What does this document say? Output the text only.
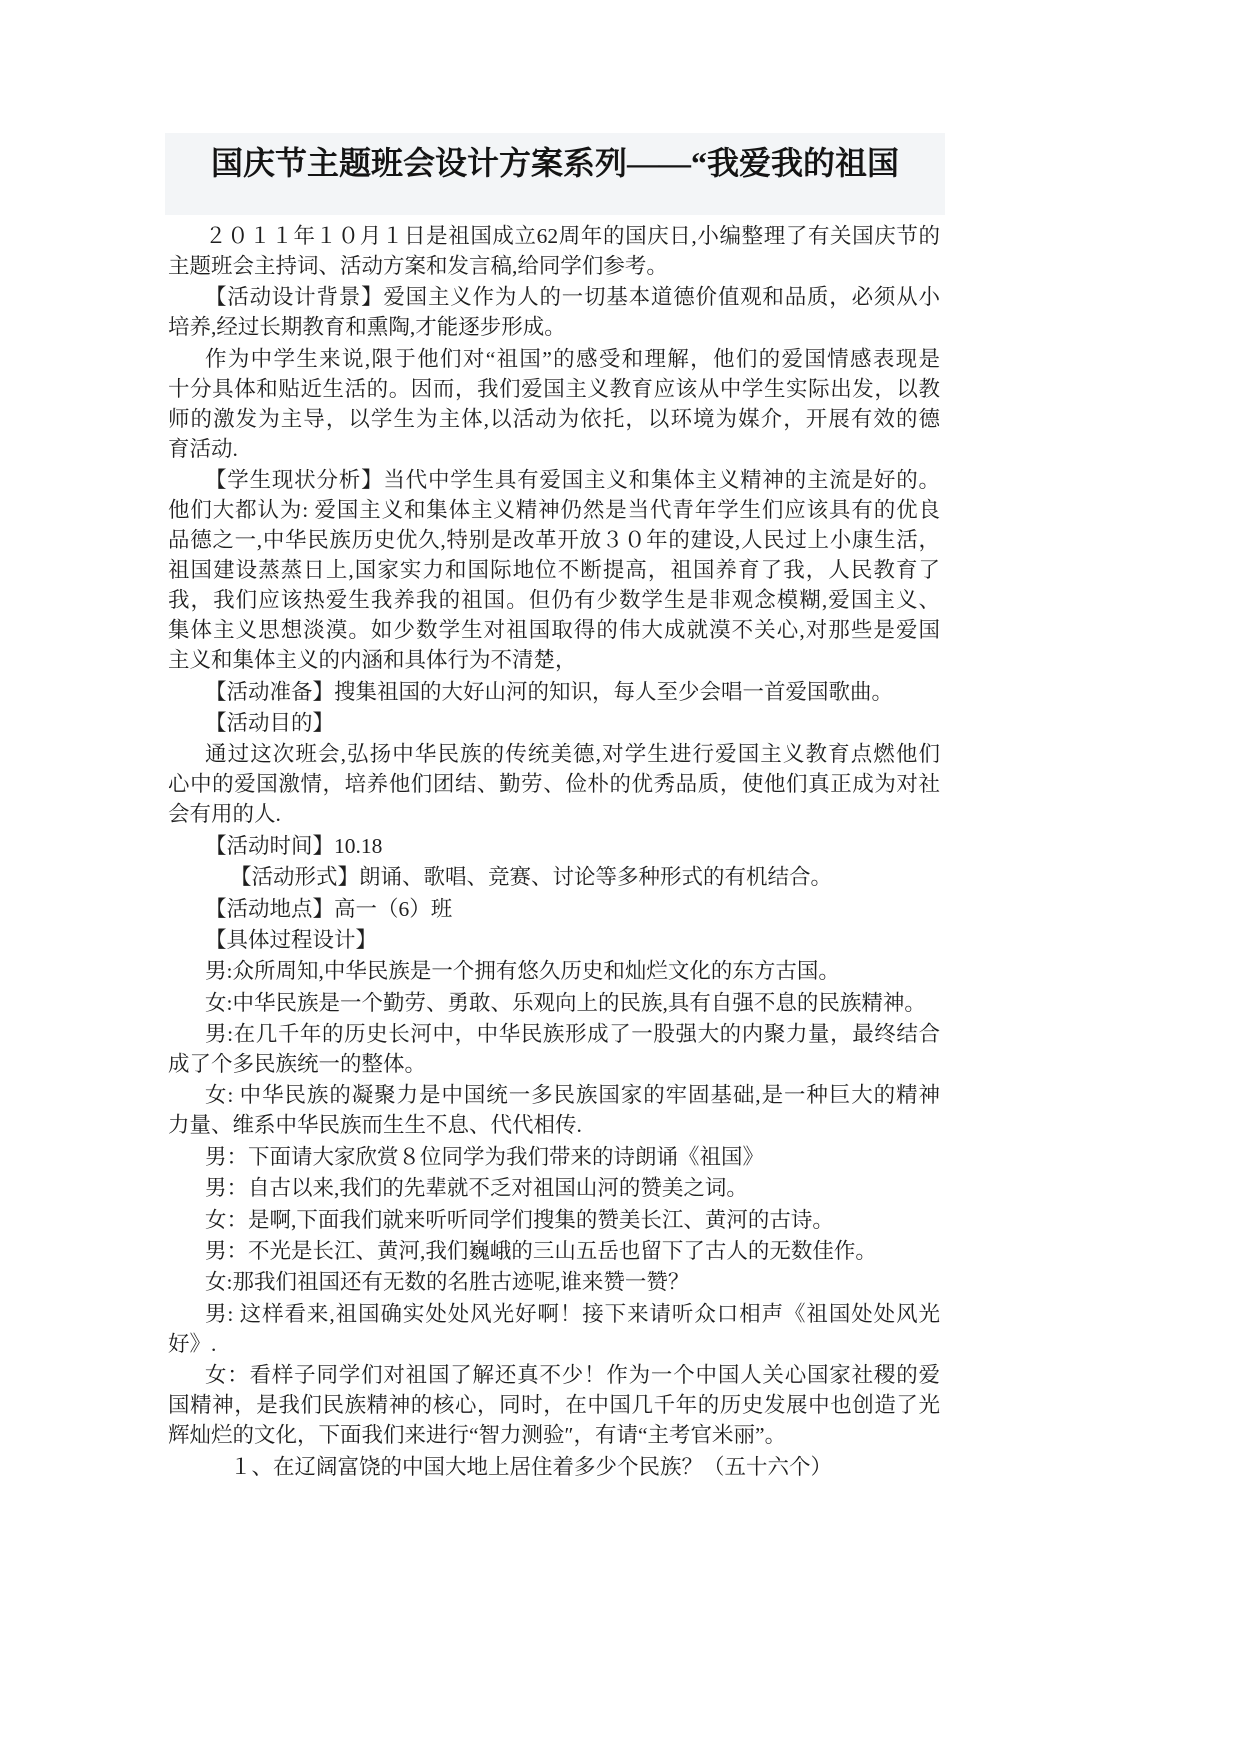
国庆节主题班会设计方案系列——“我爱我的祖国
２０１１年１０月１日是祖国成立62周年的国庆日,小编整理了有关国庆节的
主题班会主持词、活动方案和发言稿,给同学们参考。
【活动设计背景】爱国主义作为人的一切基本道德价值观和品质，必须从小
培养,经过长期教育和熏陶,才能逐步形成。
作为中学生来说,限于他们对“祖国”的感受和理解，他们的爱国情感表现是
十分具体和贴近生活的。因而，我们爱国主义教育应该从中学生实际出发，以教
师的激发为主导，以学生为主体,以活动为依托，以环境为媒介，开展有效的德
育活动.
【学生现状分析】当代中学生具有爱国主义和集体主义精神的主流是好的。
他们大都认为: 爱国主义和集体主义精神仍然是当代青年学生们应该具有的优良
品德之一,中华民族历史优久,特别是改革开放３０年的建设,人民过上小康生活，
祖国建设蒸蒸日上,国家实力和国际地位不断提高，祖国养育了我，人民教育了
我，我们应该热爱生我养我的祖国。但仍有少数学生是非观念模糊,爱国主义、
集体主义思想淡漠。如少数学生对祖国取得的伟大成就漠不关心,对那些是爱国
主义和集体主义的内涵和具体行为不清楚，
【活动准备】搜集祖国的大好山河的知识，每人至少会唱一首爱国歌曲。
【活动目的】
通过这次班会,弘扬中华民族的传统美德,对学生进行爱国主义教育点燃他们
心中的爱国激情，培养他们团结、勤劳、俭朴的优秀品质，使他们真正成为对社
会有用的人.
【活动时间】10.18
【活动形式】朗诵、歌唱、竞赛、讨论等多种形式的有机结合。
【活动地点】高一（6）班
【具体过程设计】
男:众所周知,中华民族是一个拥有悠久历史和灿烂文化的东方古国。
女:中华民族是一个勤劳、勇敢、乐观向上的民族,具有自强不息的民族精神。
男:在几千年的历史长河中，中华民族形成了一股强大的内聚力量，最终结合
成了个多民族统一的整体。
女: 中华民族的凝聚力是中国统一多民族国家的牢固基础,是一种巨大的精神
力量、维系中华民族而生生不息、代代相传.
男：下面请大家欣赏８位同学为我们带来的诗朗诵《祖国》
男：自古以来,我们的先辈就不乏对祖国山河的赞美之词。
女：是啊,下面我们就来听听同学们搜集的赞美长江、黄河的古诗。
男：不光是长江、黄河,我们巍峨的三山五岳也留下了古人的无数佳作。
女:那我们祖国还有无数的名胜古迹呢,谁来赞一赞？
男: 这样看来,祖国确实处处风光好啊！接下来请听众口相声《祖国处处风光
好》.
女：看样子同学们对祖国了解还真不少！作为一个中国人关心国家社稷的爱
国精神，是我们民族精神的核心，同时，在中国几千年的历史发展中也创造了光
辉灿烂的文化，下面我们来进行“智力测验″，有请“主考官米丽”。
１、在辽阔富饶的中国大地上居住着多少个民族？（五十六个）
